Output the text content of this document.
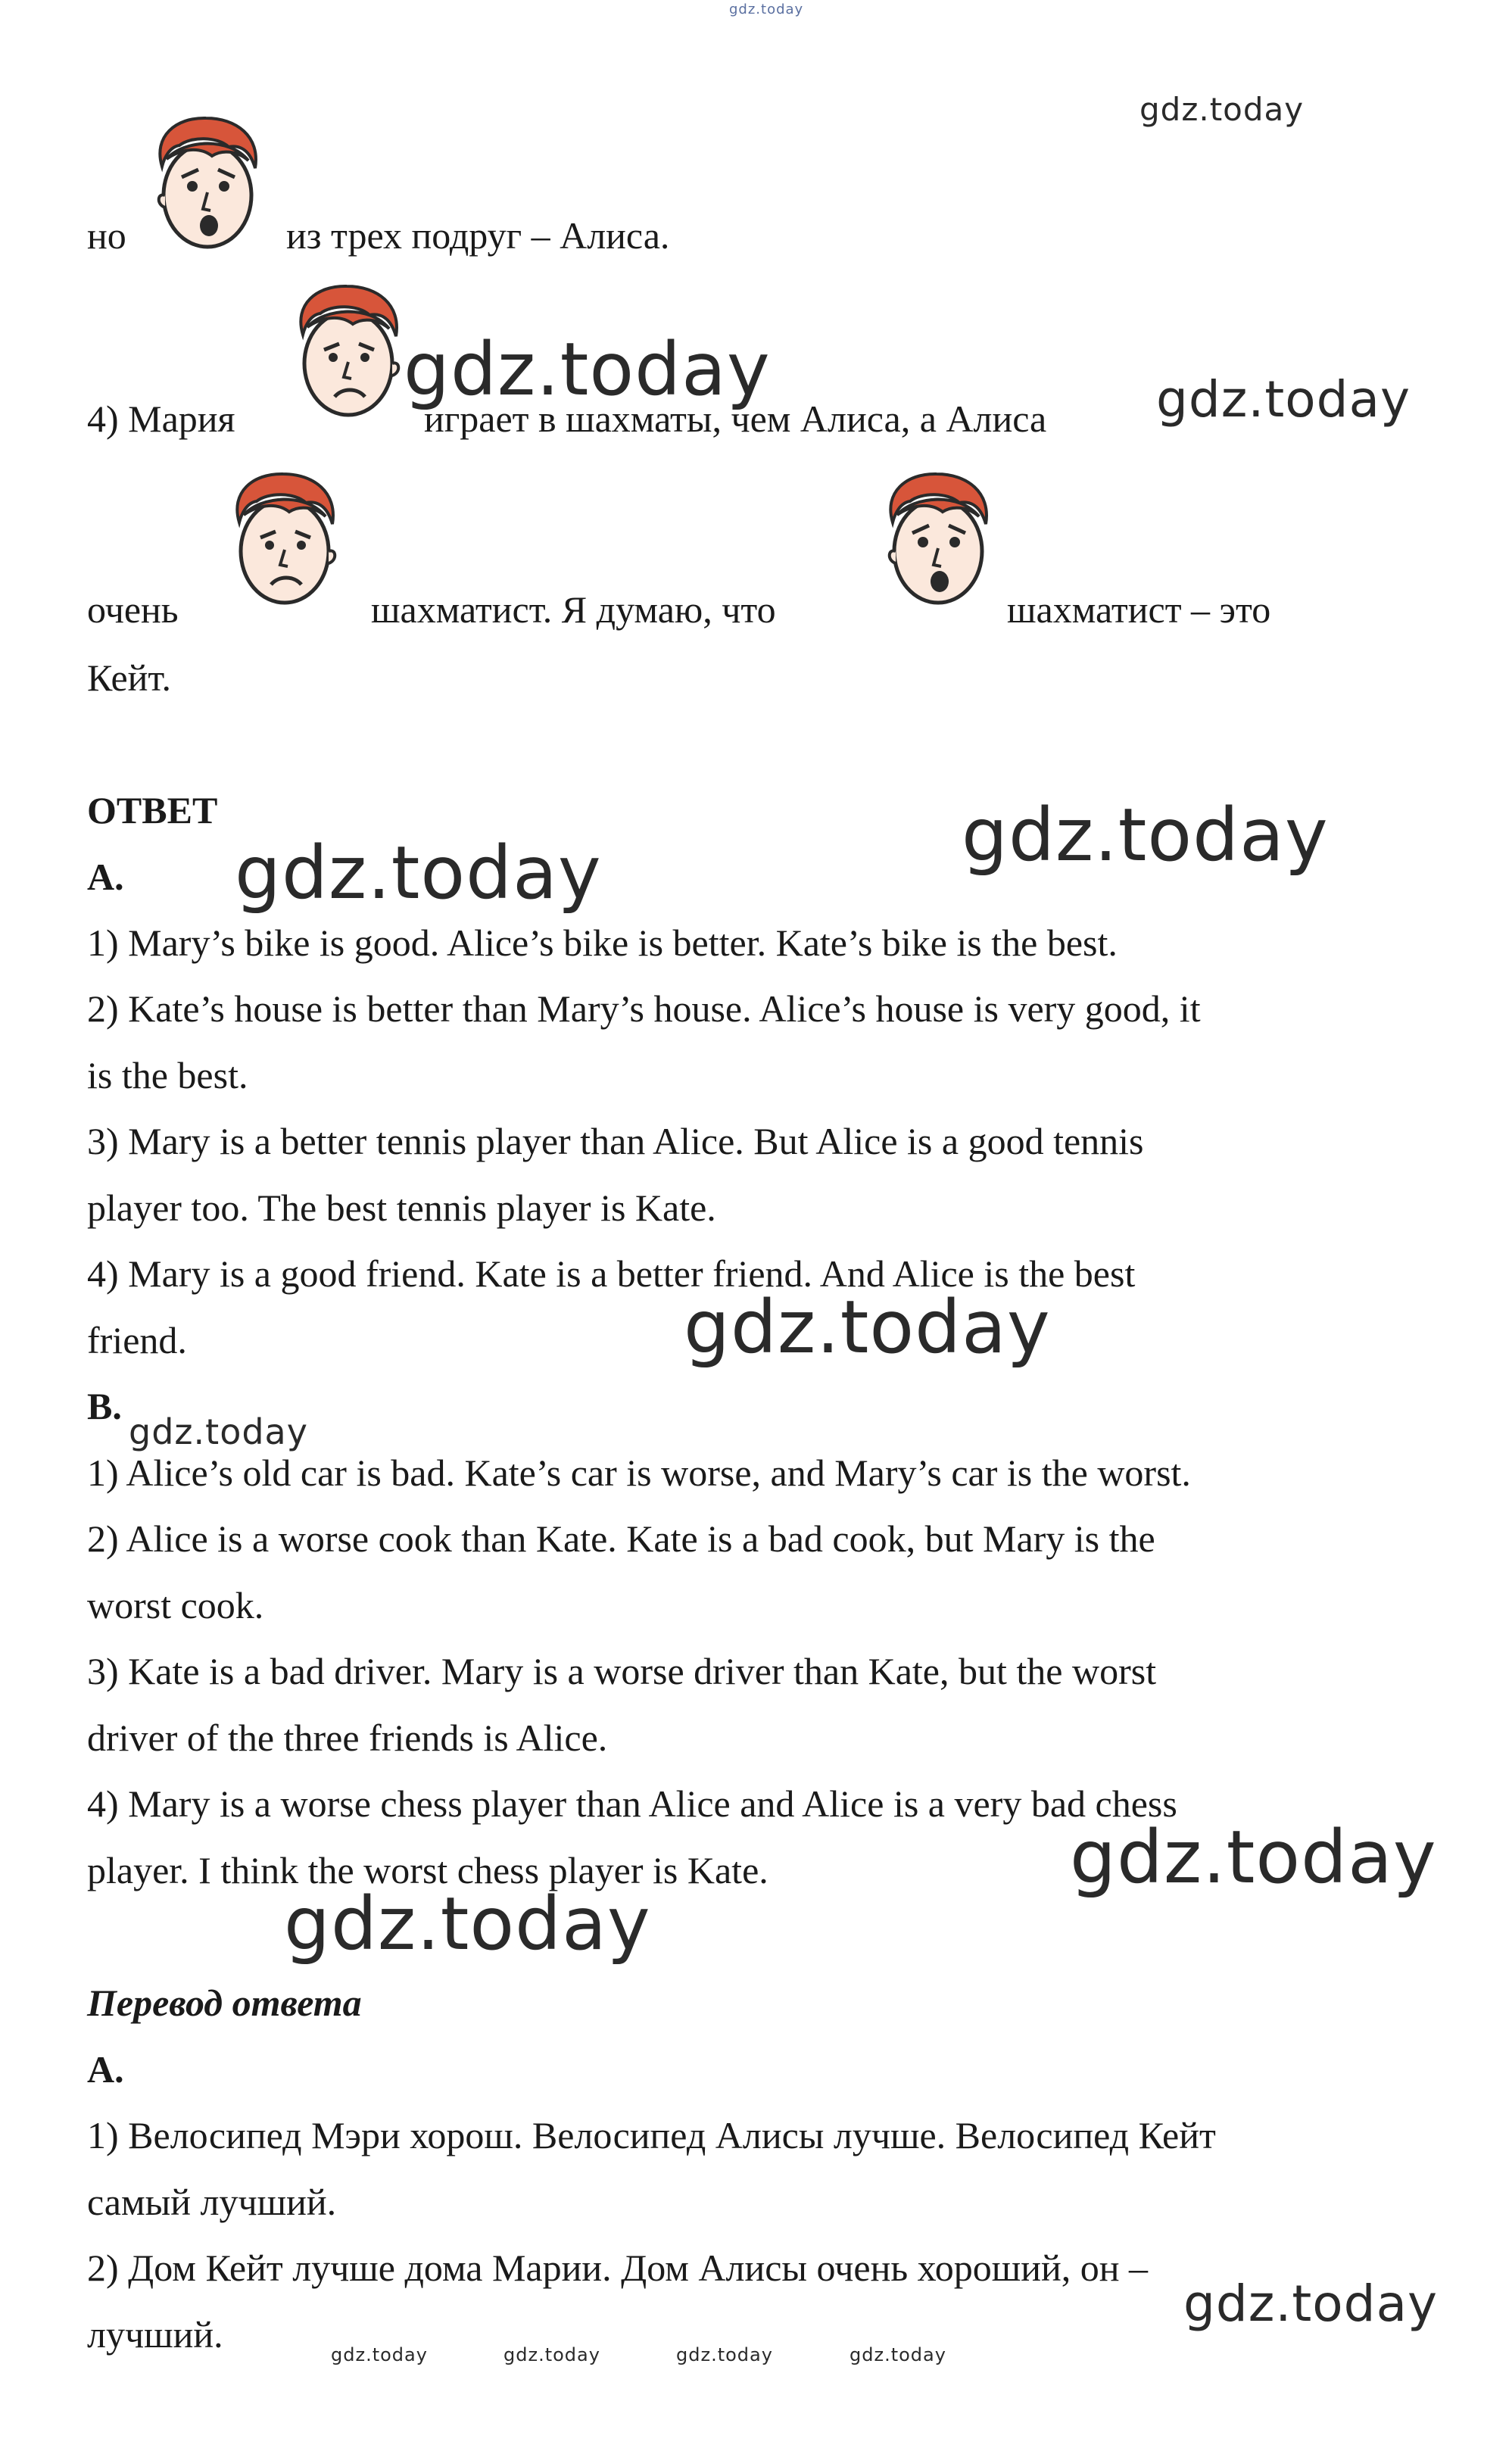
gdz.today
gdz.today
но	из трех подруг – Алиса.
4) Мария	играет в шахматы, чем Алиса, а Алиса
gdz.today	gdz.today
очень	шахматист. Я думаю, что	шахматист – это
Кейт.
ОТВЕТ
A.	gdz.today
gdz.today
1) Mary’s bike is good. Alice’s bike is better. Kate’s bike is the best.
2) Kate’s house is better than Mary’s house. Alice’s house is very good, it
is the best.
3) Mary is a better tennis player than Alice. But Alice is a good tennis
player too. The best tennis player is Kate.
4) Mary is a good friend. Kate is a better friend. And Alice is the best
friend.	gdz.today
B.
gdz.today
1) Alice’s old car is bad. Kate’s car is worse, and Mary’s car is the worst.
2) Alice is a worse cook than Kate. Kate is a bad cook, but Mary is the
worst cook.
3) Kate is a bad driver. Mary is a worse driver than Kate, but the worst
driver of the three friends is Alice.
4) Mary is a worse chess player than Alice and Alice is a very bad chess
player. I think the worst chess player is Kate.	gdz.today
gdz.today
Перевод ответа
A.
1) Велосипед Мэри хорош. Велосипед Алисы лучше. Велосипед Кейт
самый лучший.
2) Дом Кейт лучше дома Марии. Дом Алисы очень хороший, он –
лучший.
gdz.today
gdz.today	gdz.today	gdz.today	gdz.today
